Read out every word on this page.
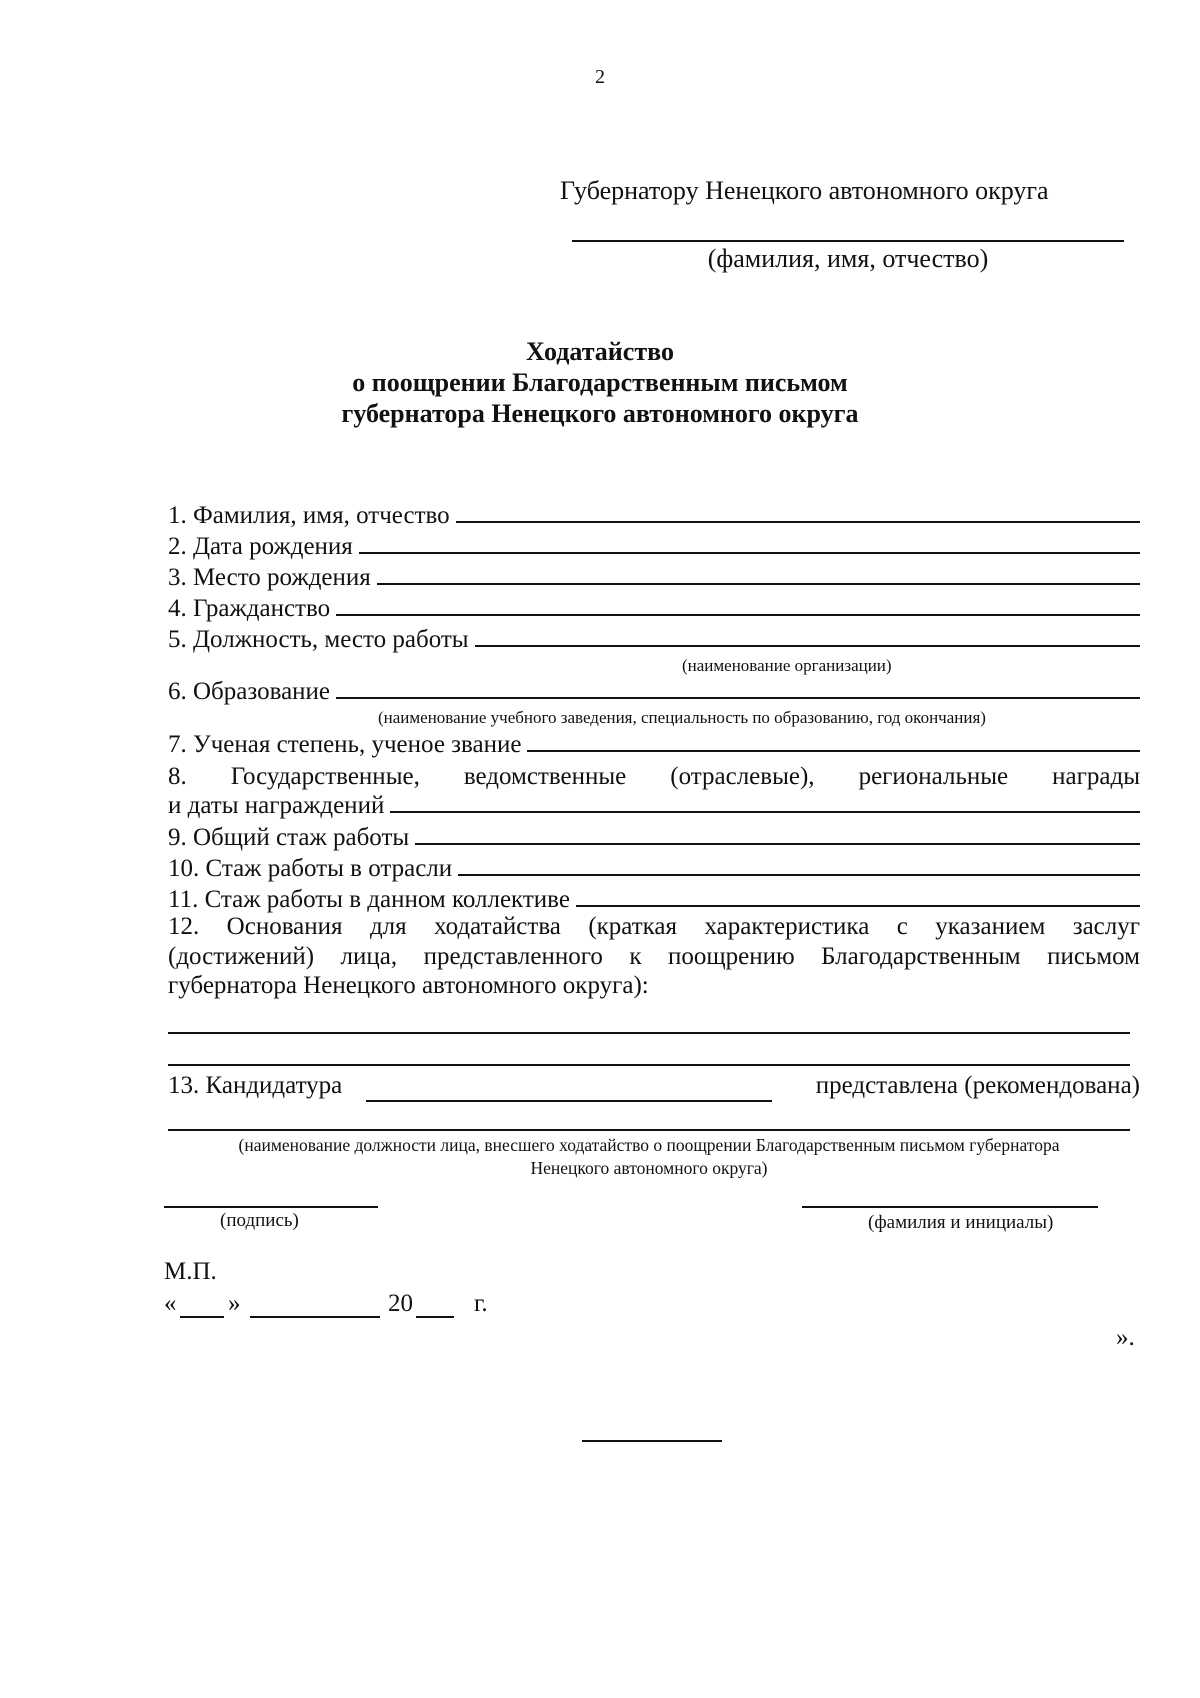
2
Губернатору Ненецкого автономного округа
(фамилия, имя, отчество)
Ходатайство
о поощрении Благодарственным письмом
губернатора Ненецкого автономного округа
1. Фамилия, имя, отчество
2. Дата рождения
3. Место рождения
4. Гражданство
5. Должность, место работы
(наименование организации)
6. Образование
(наименование учебного заведения, специальность по образованию, год окончания)
7. Ученая степень, ученое звание
8. Государственные, ведомственные (отраслевые), региональные награды
и даты награждений
9. Общий стаж работы
10. Стаж работы в отрасли
11. Стаж работы в данном коллективе
12. Основания для ходатайства (краткая характеристика с указанием заслуг
(достижений) лица, представленного к поощрению Благодарственным письмом
губернатора Ненецкого автономного округа):
13. Кандидатура	представлена (рекомендована)
(наименование должности лица, внесшего ходатайство о поощрении Благодарственным письмом губернатора
Ненецкого автономного округа)
(подпись)	(фамилия и инициалы)
М.П.
« »	20 г.
».
